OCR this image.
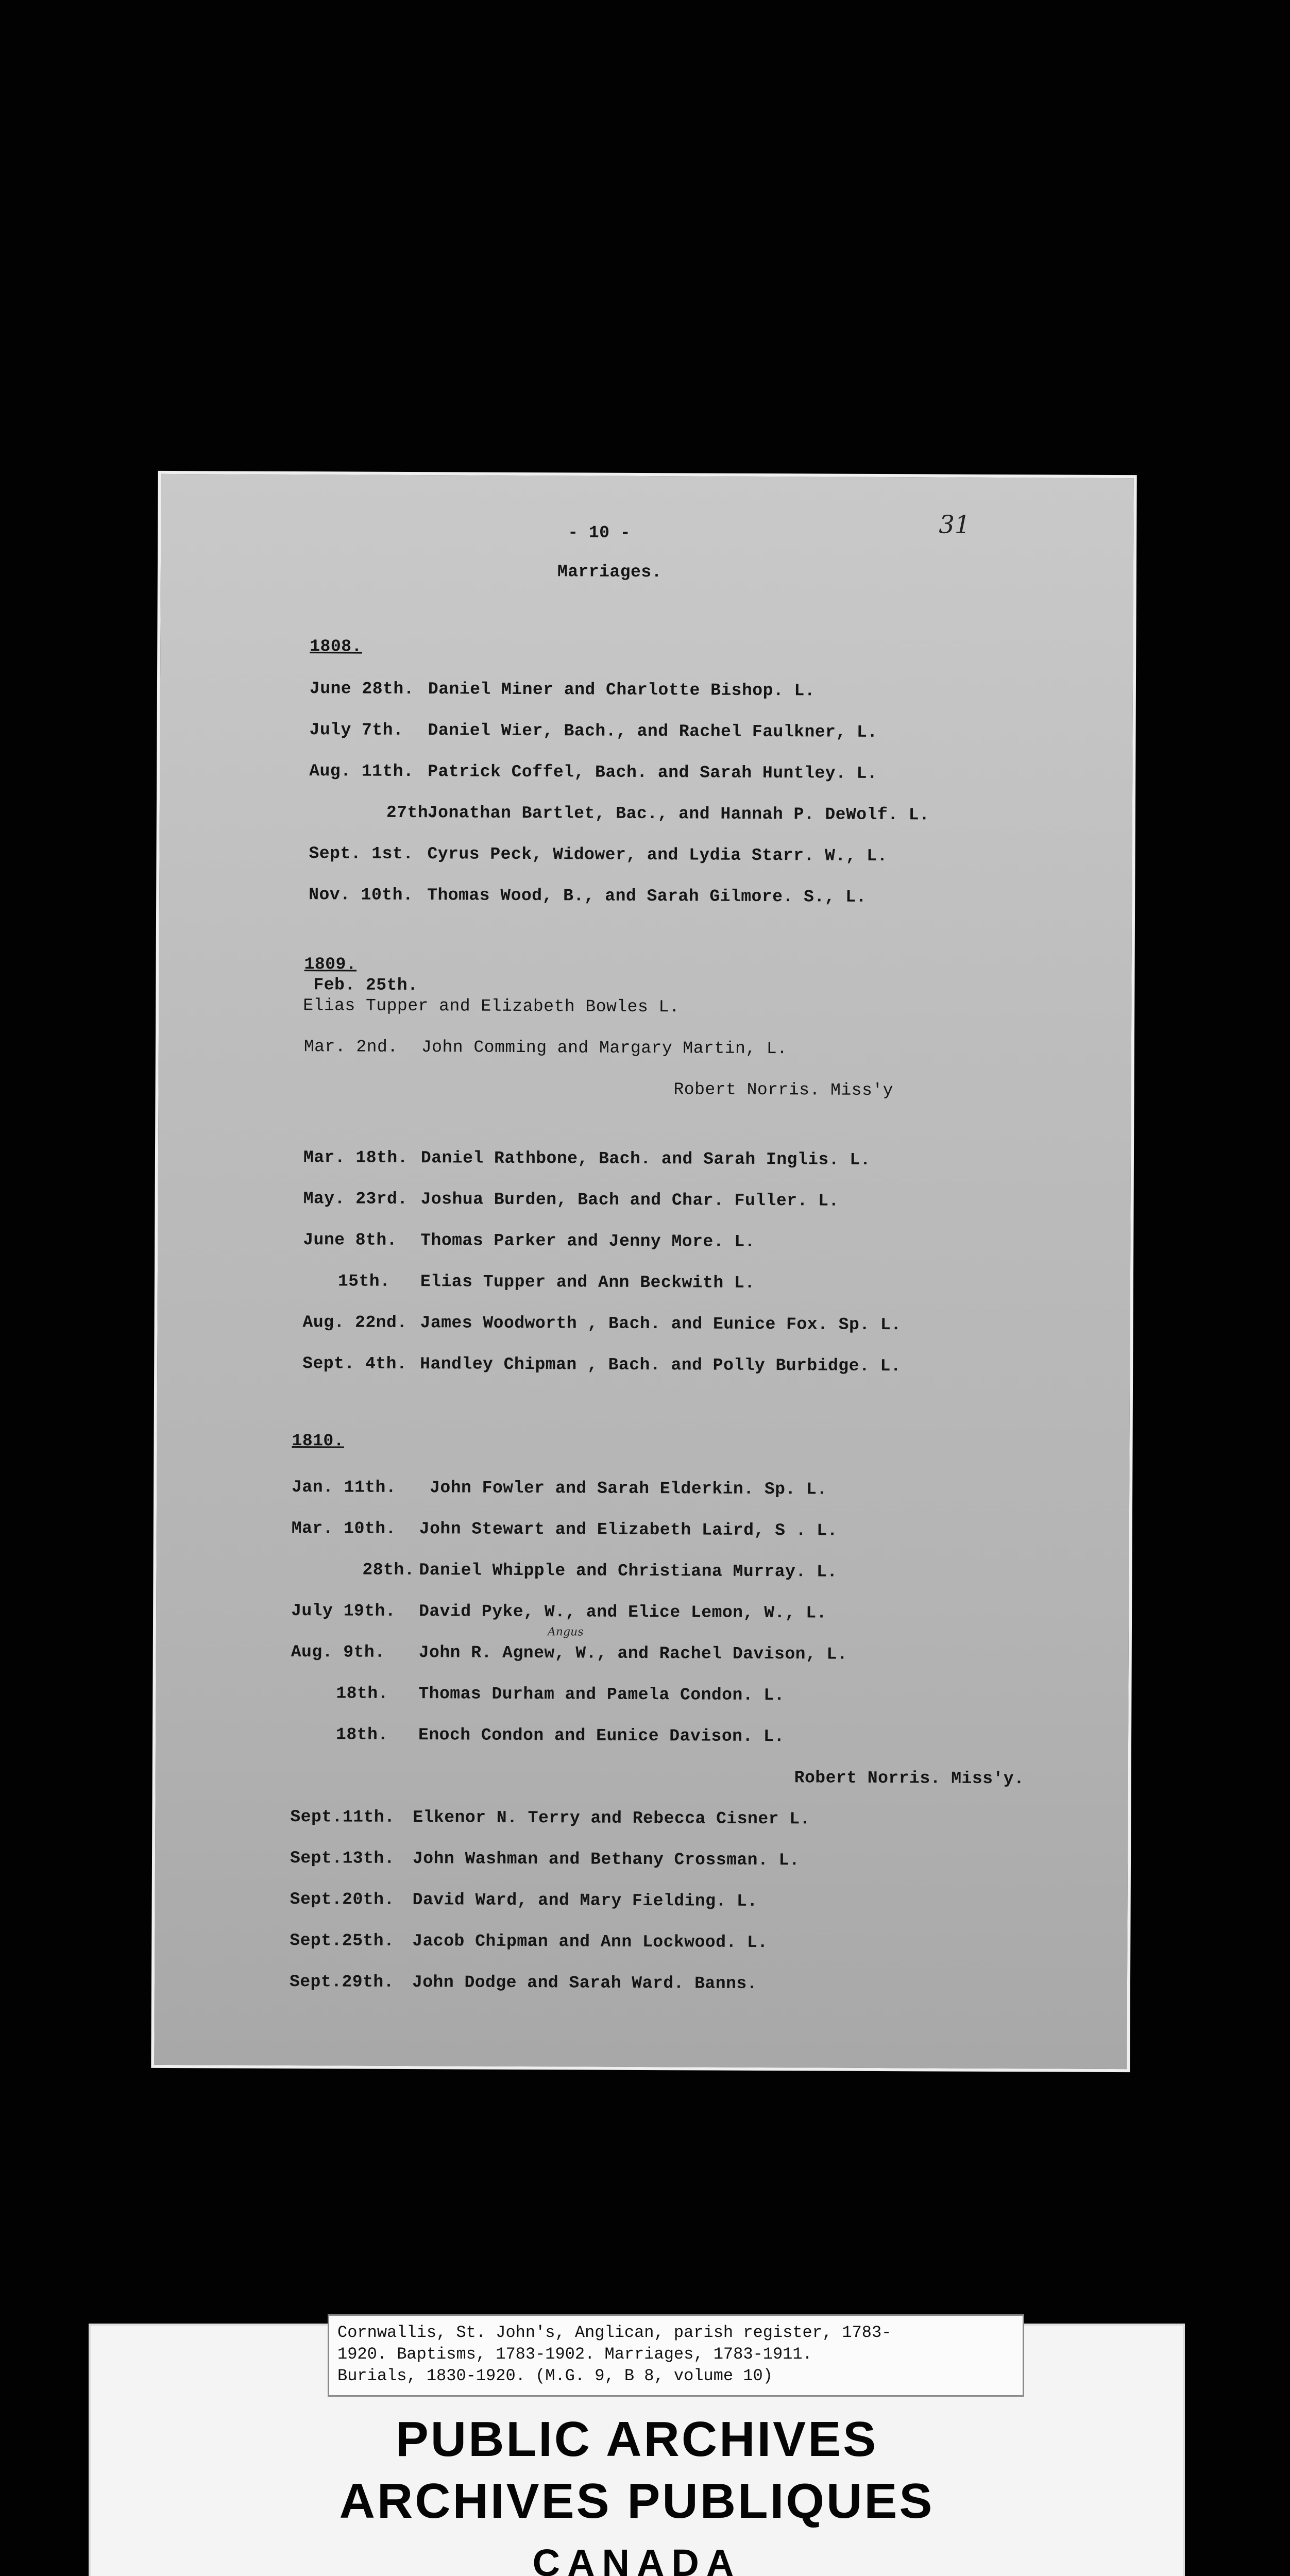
- 10 -	31
Marriages.
1808.
June 28th. Daniel Miner and Charlotte Bishop. L.
July 7th. Daniel Wier, Bach., and Rachel Faulkner, L.
Aug. 11th. Patrick Coffel, Bach. and Sarah Huntley. L.
27th.
Jonathan Bartlet, Bac., and Hannah P. DeWolf. L.
Sept. 1st. Cyrus Peck, Widower, and Lydia Starr. W., L.
Nov. 10th. Thomas Wood, B., and Sarah Gilmore. S., L.
1809.
Feb. 25th.
Elias Tupper and Elizabeth Bowles L.
Mar. 2nd. John Comming and Margary Martin, L.
Robert Norris. Miss'y
Mar. 18th. Daniel Rathbone, Bach. and Sarah Inglis. L.
May. 23rd. Joshua Burden, Bach and Char. Fuller. L.
June 8th. Thomas Parker and Jenny More. L.
15th. Elias Tupper and Ann Beckwith L.
Aug. 22nd. James Woodworth , Bach. and Eunice Fox. Sp. L.
Sept. 4th. Handley Chipman , Bach. and Polly Burbidge. L.
1810.
Jan. 11th. John Fowler and Sarah Elderkin. Sp. L.
Mar. 10th. John Stewart and Elizabeth Laird, S . L.
28th. Daniel Whipple and Christiana Murray. L.
July 19th. David Pyke, W., and Elice Lemon, W., L.
Angus
Aug. 9th. John R. Agnew, W., and Rachel Davison, L.
18th. Thomas Durham and Pamela Condon. L.
18th. Enoch Condon and Eunice Davison. L.
Robert Norris. Miss'y.
Sept.11th. Elkenor N. Terry and Rebecca Cisner L.
Sept.13th. John Washman and Bethany Crossman. L.
Sept.20th. David Ward, and Mary Fielding. L.
Sept.25th. Jacob Chipman and Ann Lockwood. L.
Sept.29th. John Dodge and Sarah Ward. Banns.
Cornwallis, St. John's, Anglican, parish register, 1783-
1920. Baptisms, 1783-1902. Marriages, 1783-1911.
Burials, 1830-1920. (M.G. 9, B 8, volume 10)
PUBLIC ARCHIVES
ARCHIVES PUBLIQUES
CANADA
